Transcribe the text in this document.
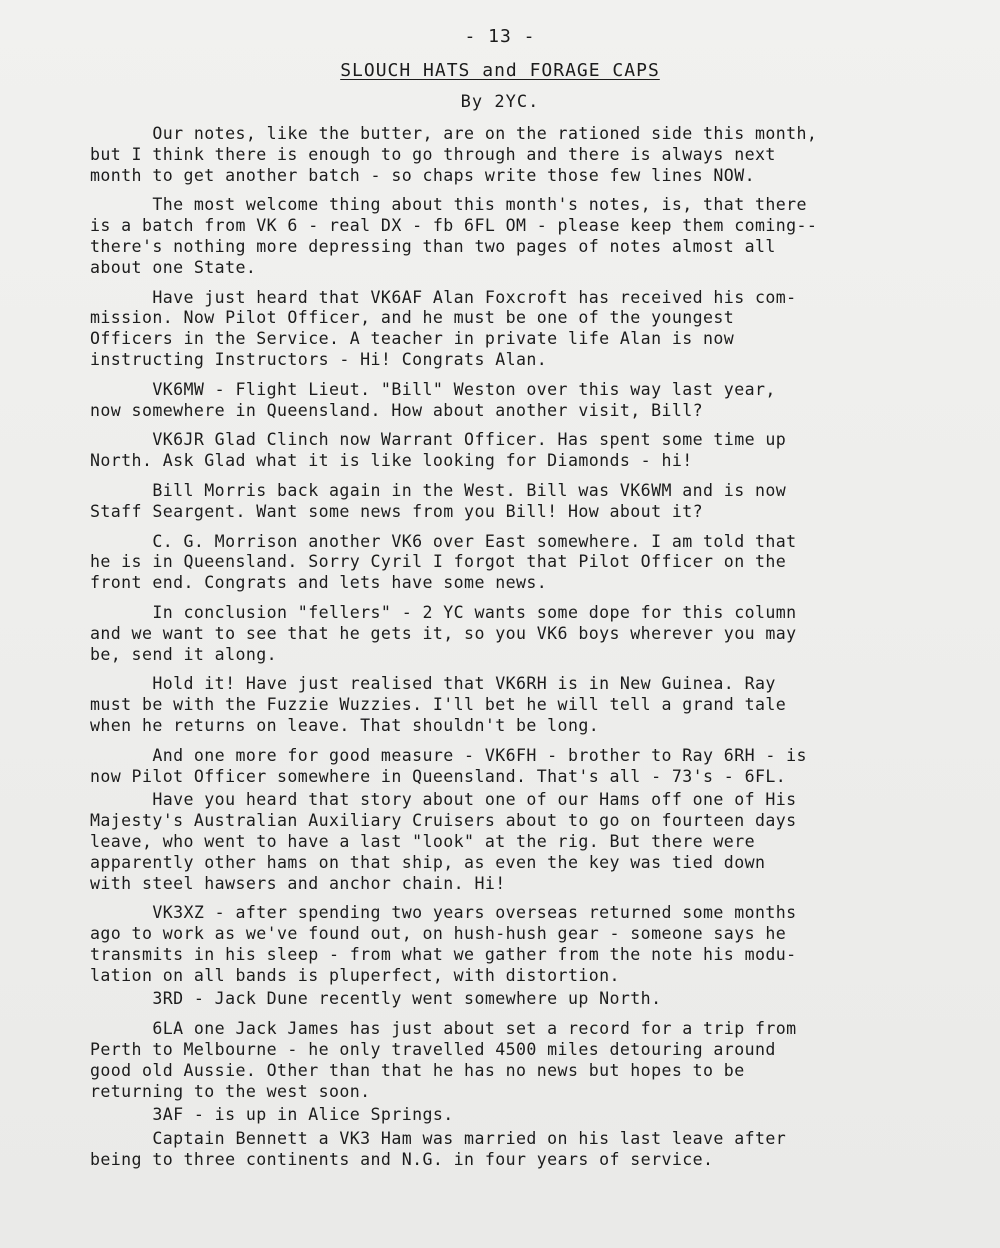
- 13 -
SLOUCH HATS and FORAGE CAPS
By 2YC.
Our notes, like the butter, are on the rationed side this month,
but I think there is enough to go through and there is always next
month to get another batch - so chaps write those few lines NOW.
The most welcome thing about this month's notes, is, that there
is a batch from VK 6 - real DX - fb 6FL OM - please keep them coming--
there's nothing more depressing than two pages of notes almost all
about one State.
Have just heard that VK6AF Alan Foxcroft has received his com-
mission. Now Pilot Officer, and he must be one of the youngest
Officers in the Service. A teacher in private life Alan is now
instructing Instructors - Hi! Congrats Alan.
VK6MW - Flight Lieut. "Bill" Weston over this way last year,
now somewhere in Queensland. How about another visit, Bill?
VK6JR Glad Clinch now Warrant Officer. Has spent some time up
North. Ask Glad what it is like looking for Diamonds - hi!
Bill Morris back again in the West. Bill was VK6WM and is now
Staff Seargent. Want some news from you Bill! How about it?
C. G. Morrison another VK6 over East somewhere. I am told that
he is in Queensland. Sorry Cyril I forgot that Pilot Officer on the
front end. Congrats and lets have some news.
In conclusion "fellers" - 2 YC wants some dope for this column
and we want to see that he gets it, so you VK6 boys wherever you may
be, send it along.
Hold it! Have just realised that VK6RH is in New Guinea. Ray
must be with the Fuzzie Wuzzies. I'll bet he will tell a grand tale
when he returns on leave. That shouldn't be long.
And one more for good measure - VK6FH - brother to Ray 6RH - is
now Pilot Officer somewhere in Queensland. That's all - 73's - 6FL.
Have you heard that story about one of our Hams off one of His
Majesty's Australian Auxiliary Cruisers about to go on fourteen days
leave, who went to have a last "look" at the rig. But there were
apparently other hams on that ship, as even the key was tied down
with steel hawsers and anchor chain. Hi!
VK3XZ - after spending two years overseas returned some months
ago to work as we've found out, on hush-hush gear - someone says he
transmits in his sleep - from what we gather from the note his modu-
lation on all bands is pluperfect, with distortion.
3RD - Jack Dune recently went somewhere up North.
6LA one Jack James has just about set a record for a trip from
Perth to Melbourne - he only travelled 4500 miles detouring around
good old Aussie. Other than that he has no news but hopes to be
returning to the west soon.
3AF - is up in Alice Springs.
Captain Bennett a VK3 Ham was married on his last leave after
being to three continents and N.G. in four years of service.
